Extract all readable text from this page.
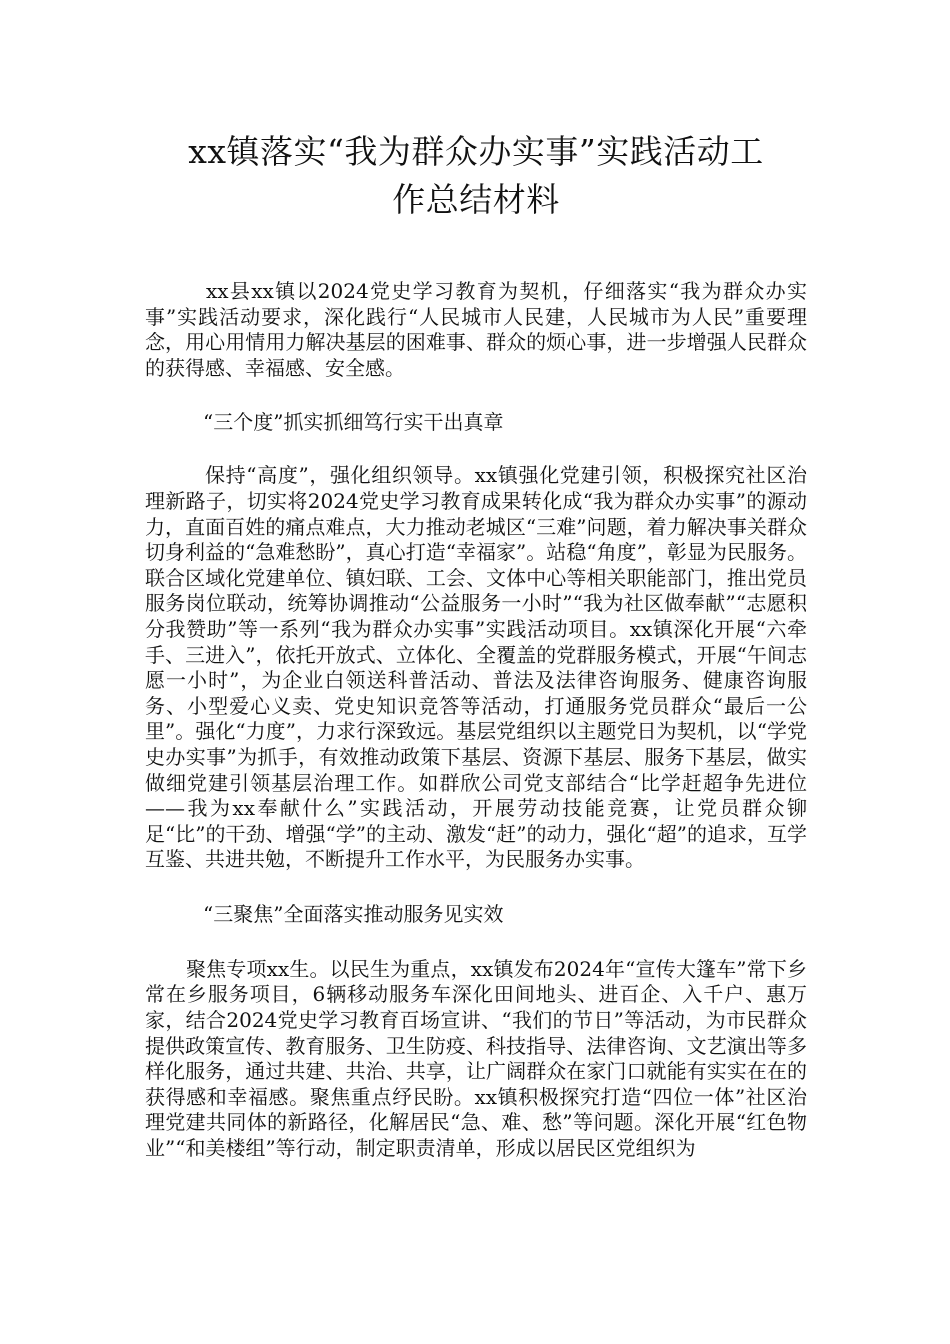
xx镇落实“我为群众办实事”实践活动工
作总结材料

xx县xx镇以2024党史学习教育为契机，仔细落实“我为群众办实事”实践活动要求，深化践行“人民城市人民建，人民城市为人民”重要理念，用心用情用力解决基层的困难事、群众的烦心事，进一步增强人民群众的获得感、幸福感、安全感。

“三个度”抓实抓细笃行实干出真章

保持“高度”，强化组织领导。xx镇强化党建引领，积极探究社区治理新路子，切实将2024党史学习教育成果转化成“我为群众办实事”的源动力，直面百姓的痛点难点，大力推动老城区“三难”问题，着力解决事关群众切身利益的“急难愁盼”，真心打造“幸福家”。站稳“角度”，彰显为民服务。联合区域化党建单位、镇妇联、工会、文体中心等相关职能部门，推出党员服务岗位联动，统筹协调推动“公益服务一小时”“我为社区做奉献”“志愿积分我赞助”等一系列“我为群众办实事”实践活动项目。xx镇深化开展“六牵手、三进入”，依托开放式、立体化、全覆盖的党群服务模式，开展“午间志愿一小时”，为企业白领送科普活动、普法及法律咨询服务、健康咨询服务、小型爱心义卖、党史知识竞答等活动，打通服务党员群众“最后一公里”。强化“力度”，力求行深致远。基层党组织以主题党日为契机，以“学党史办实事”为抓手，有效推动政策下基层、资源下基层、服务下基层，做实做细党建引领基层治理工作。如群欣公司党支部结合“比学赶超争先进位——我为xx奉献什么”实践活动，开展劳动技能竞赛，让党员群众铆足“比”的干劲、增强“学”的主动、激发“赶”的动力，强化“超”的追求，互学互鉴、共进共勉，不断提升工作水平，为民服务办实事。

“三聚焦”全面落实推动服务见实效

聚焦专项xx生。以民生为重点，xx镇发布2024年“宣传大篷车”常下乡常在乡服务项目，6辆移动服务车深化田间地头、进百企、入千户、惠万家，结合2024党史学习教育百场宣讲、“我们的节日”等活动，为市民群众提供政策宣传、教育服务、卫生防疫、科技指导、法律咨询、文艺演出等多样化服务，通过共建、共治、共享，让广阔群众在家门口就能有实实在在的获得感和幸福感。聚焦重点纾民盼。xx镇积极探究打造“四位一体”社区治理党建共同体的新路径，化解居民“急、难、愁”等问题。深化开展“红色物业”“和美楼组”等行动，制定职责清单，形成以居民区党组织为
